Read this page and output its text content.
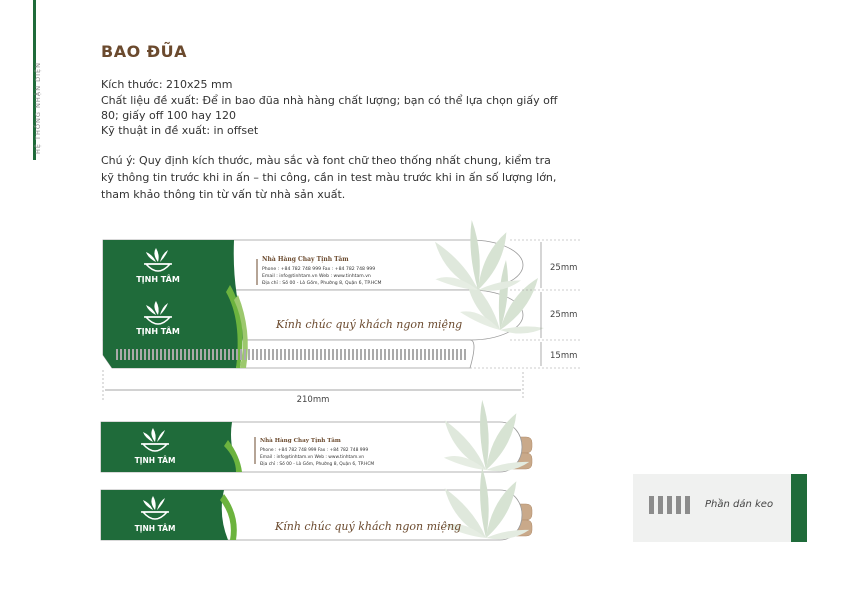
HỆ THỐNG NHẬN DIỆN
BAO ĐŨA
Kích thước: 210x25 mm
Chất liệu đề xuất: Để in bao đũa nhà hàng chất lượng; bạn có thể lựa chọn giấy off
80; giấy off 100 hay 120
Kỹ thuật in đề xuất: in offset
Chú ý: Quy định kích thước, màu sắc và font chữ theo thống nhất chung, kiểm tra kỹ thông tin trước khi in ấn – thi công, cần in test màu trước khi in ấn số lượng lớn, tham khảo thông tin từ vấn từ nhà sản xuất.
TỊNH TÂM
TỊNH TÂM
Nhà Hàng Chay Tịnh Tâm
Phone : +84 782 748 999 Fax : +84 782 748 999
Email : info@tinhtam.vn Web : www.tinhtam.vn
Địa chỉ : Số 00 - Lò Gốm, Phường 8, Quận 6, TP.HCM
Kính chúc quý khách ngon miệng
25mm
25mm
15mm
210mm
TỊNH TÂM
Nhà Hàng Chay Tịnh Tâm
Phone : +84 782 748 999 Fax : +84 782 748 999
Email : info@tinhtam.vn Web : www.tinhtam.vn
Địa chỉ : Số 00 - Lò Gốm, Phường 8, Quận 6, TP.HCM
TỊNH TÂM	Kính chúc quý khách ngon miệng
Phần dán keo
